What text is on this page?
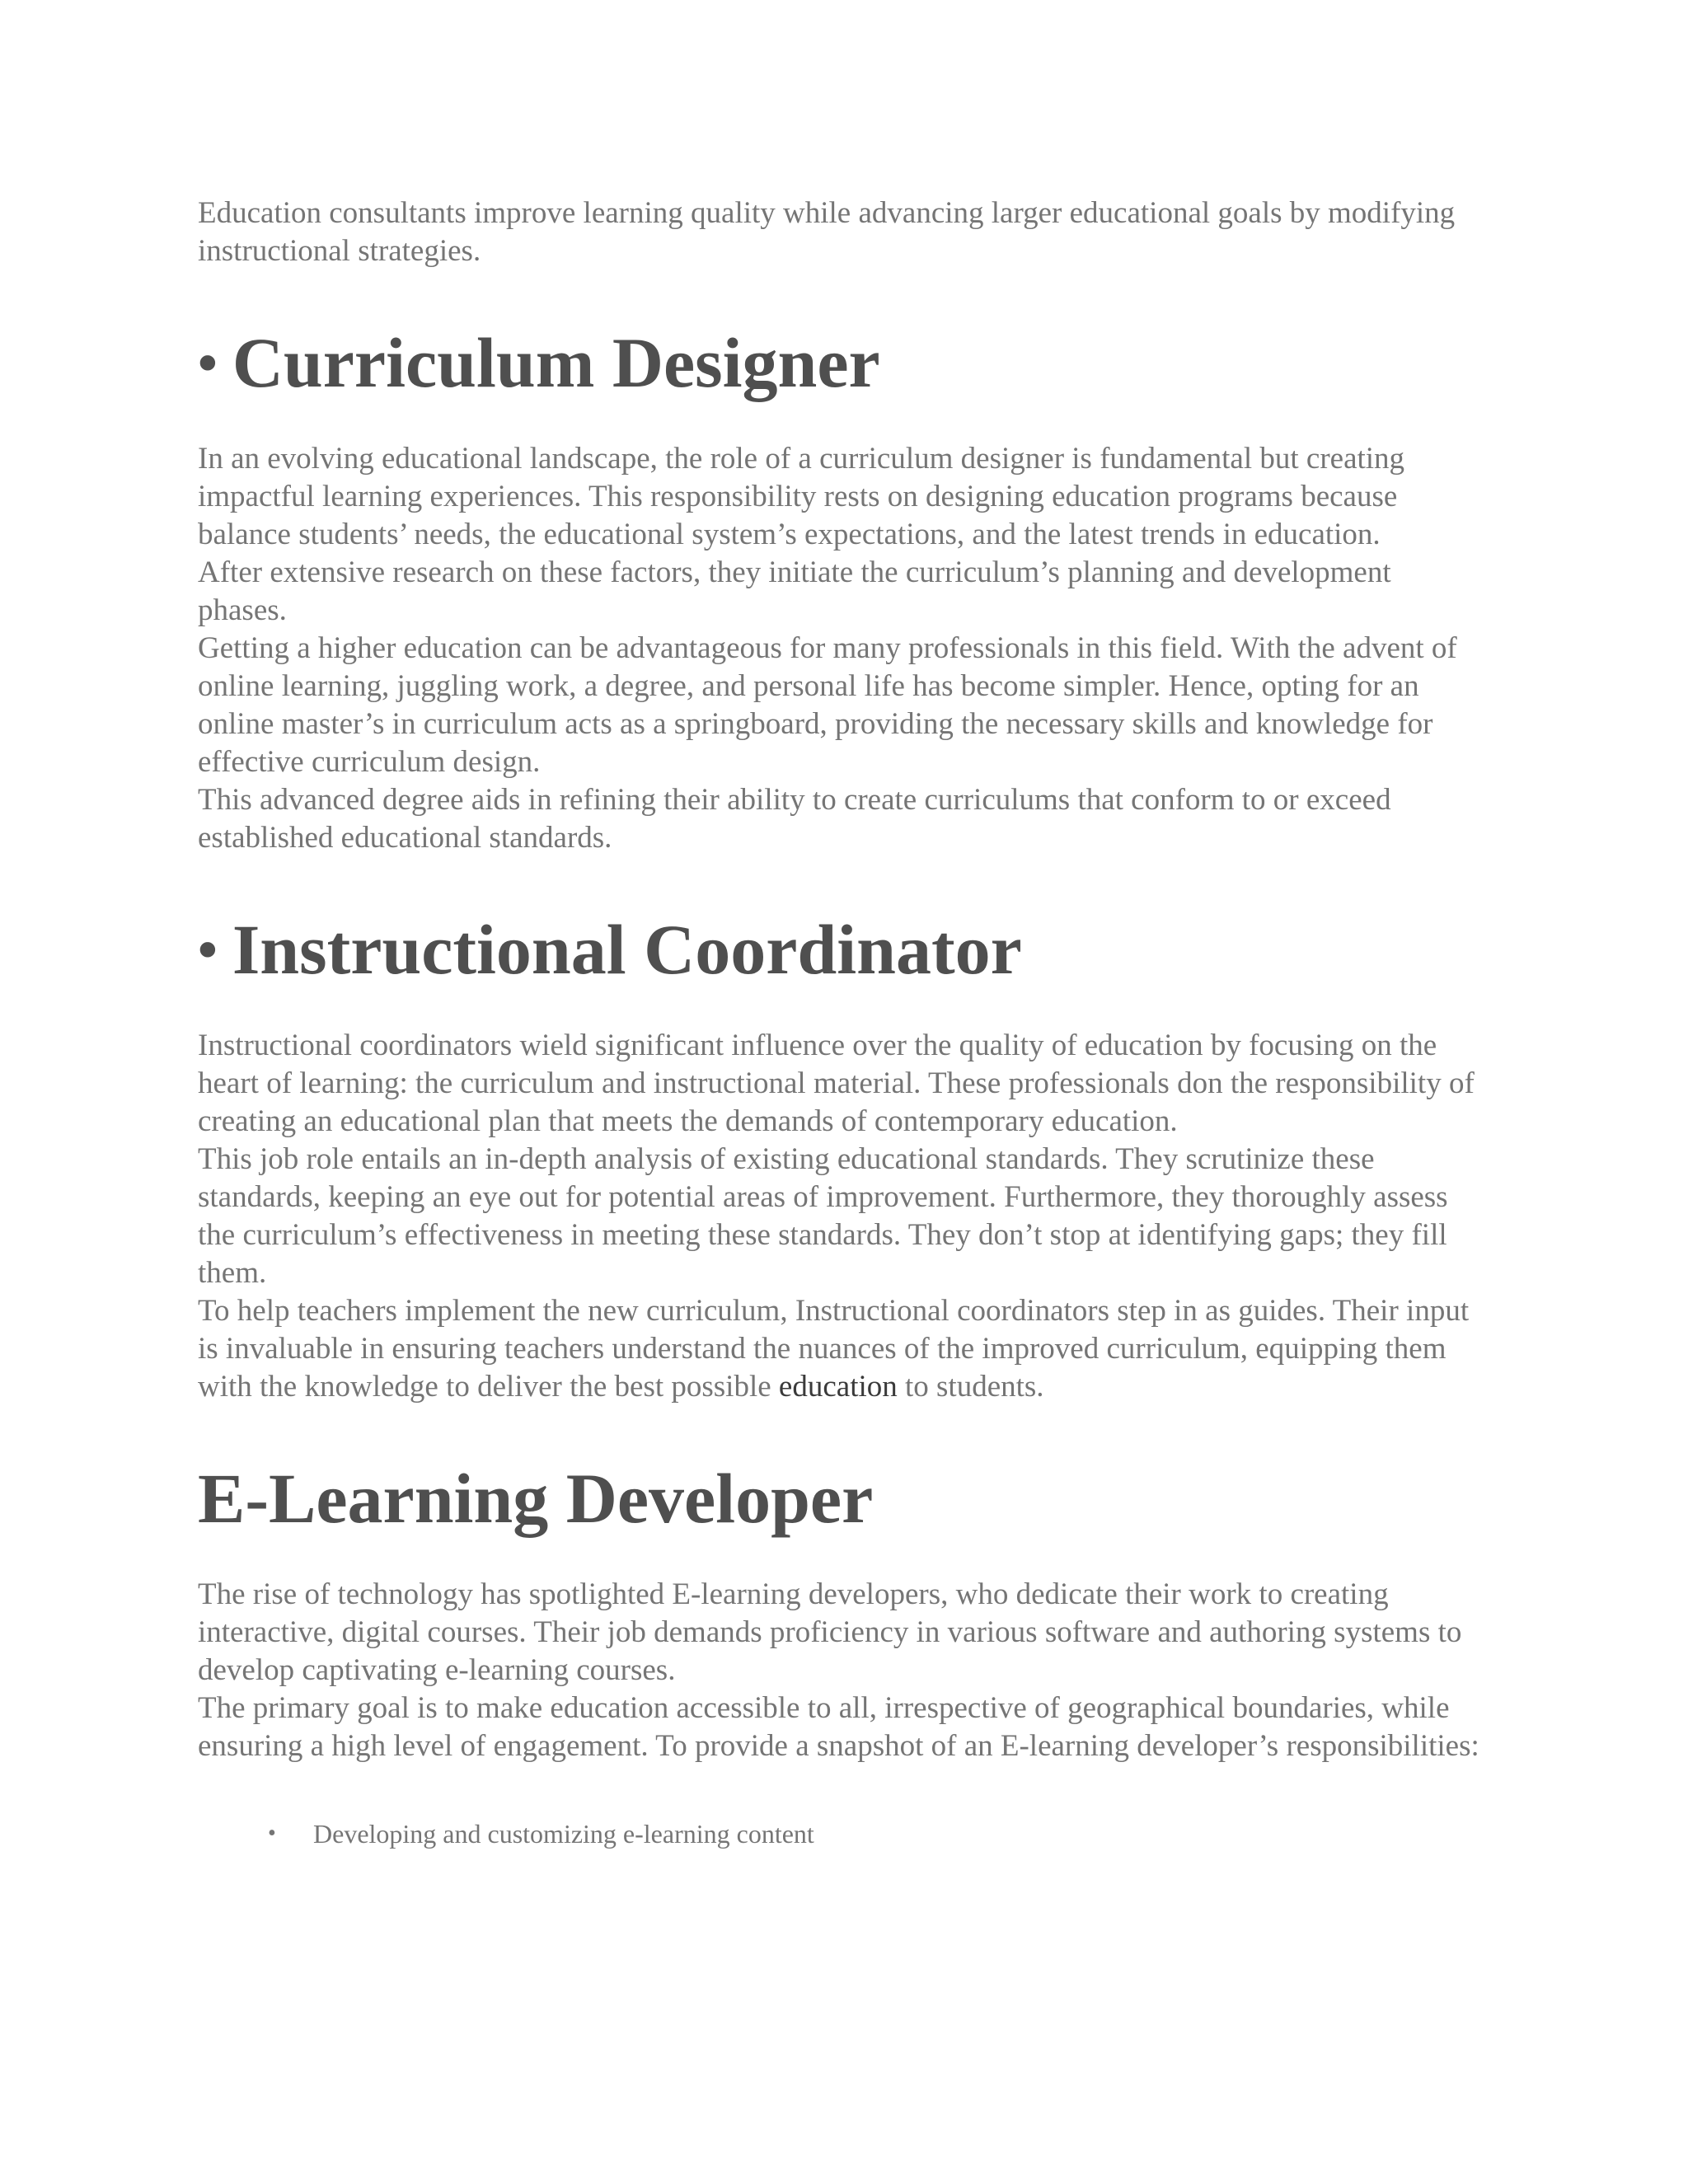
Education consultants improve learning quality while advancing larger educational goals by modifying instructional strategies.

• Curriculum Designer

In an evolving educational landscape, the role of a curriculum designer is fundamental but creating impactful learning experiences. This responsibility rests on designing education programs because balance students’ needs, the educational system’s expectations, and the latest trends in education.

After extensive research on these factors, they initiate the curriculum’s planning and development phases.

Getting a higher education can be advantageous for many professionals in this field. With the advent of online learning, juggling work, a degree, and personal life has become simpler. Hence, opting for an online master’s in curriculum acts as a springboard, providing the necessary skills and knowledge for effective curriculum design.

This advanced degree aids in refining their ability to create curriculums that conform to or exceed established educational standards.

• Instructional Coordinator

Instructional coordinators wield significant influence over the quality of education by focusing on the heart of learning: the curriculum and instructional material. These professionals don the responsibility of creating an educational plan that meets the demands of contemporary education.

This job role entails an in-depth analysis of existing educational standards. They scrutinize these standards, keeping an eye out for potential areas of improvement. Furthermore, they thoroughly assess the curriculum’s effectiveness in meeting these standards. They don’t stop at identifying gaps; they fill them.

To help teachers implement the new curriculum, Instructional coordinators step in as guides. Their input is invaluable in ensuring teachers understand the nuances of the improved curriculum, equipping them with the knowledge to deliver the best possible education to students.

E-Learning Developer

The rise of technology has spotlighted E-learning developers, who dedicate their work to creating interactive, digital courses. Their job demands proficiency in various software and authoring systems to develop captivating e-learning courses.

The primary goal is to make education accessible to all, irrespective of geographical boundaries, while ensuring a high level of engagement. To provide a snapshot of an E-learning developer’s responsibilities:

• Developing and customizing e-learning content
